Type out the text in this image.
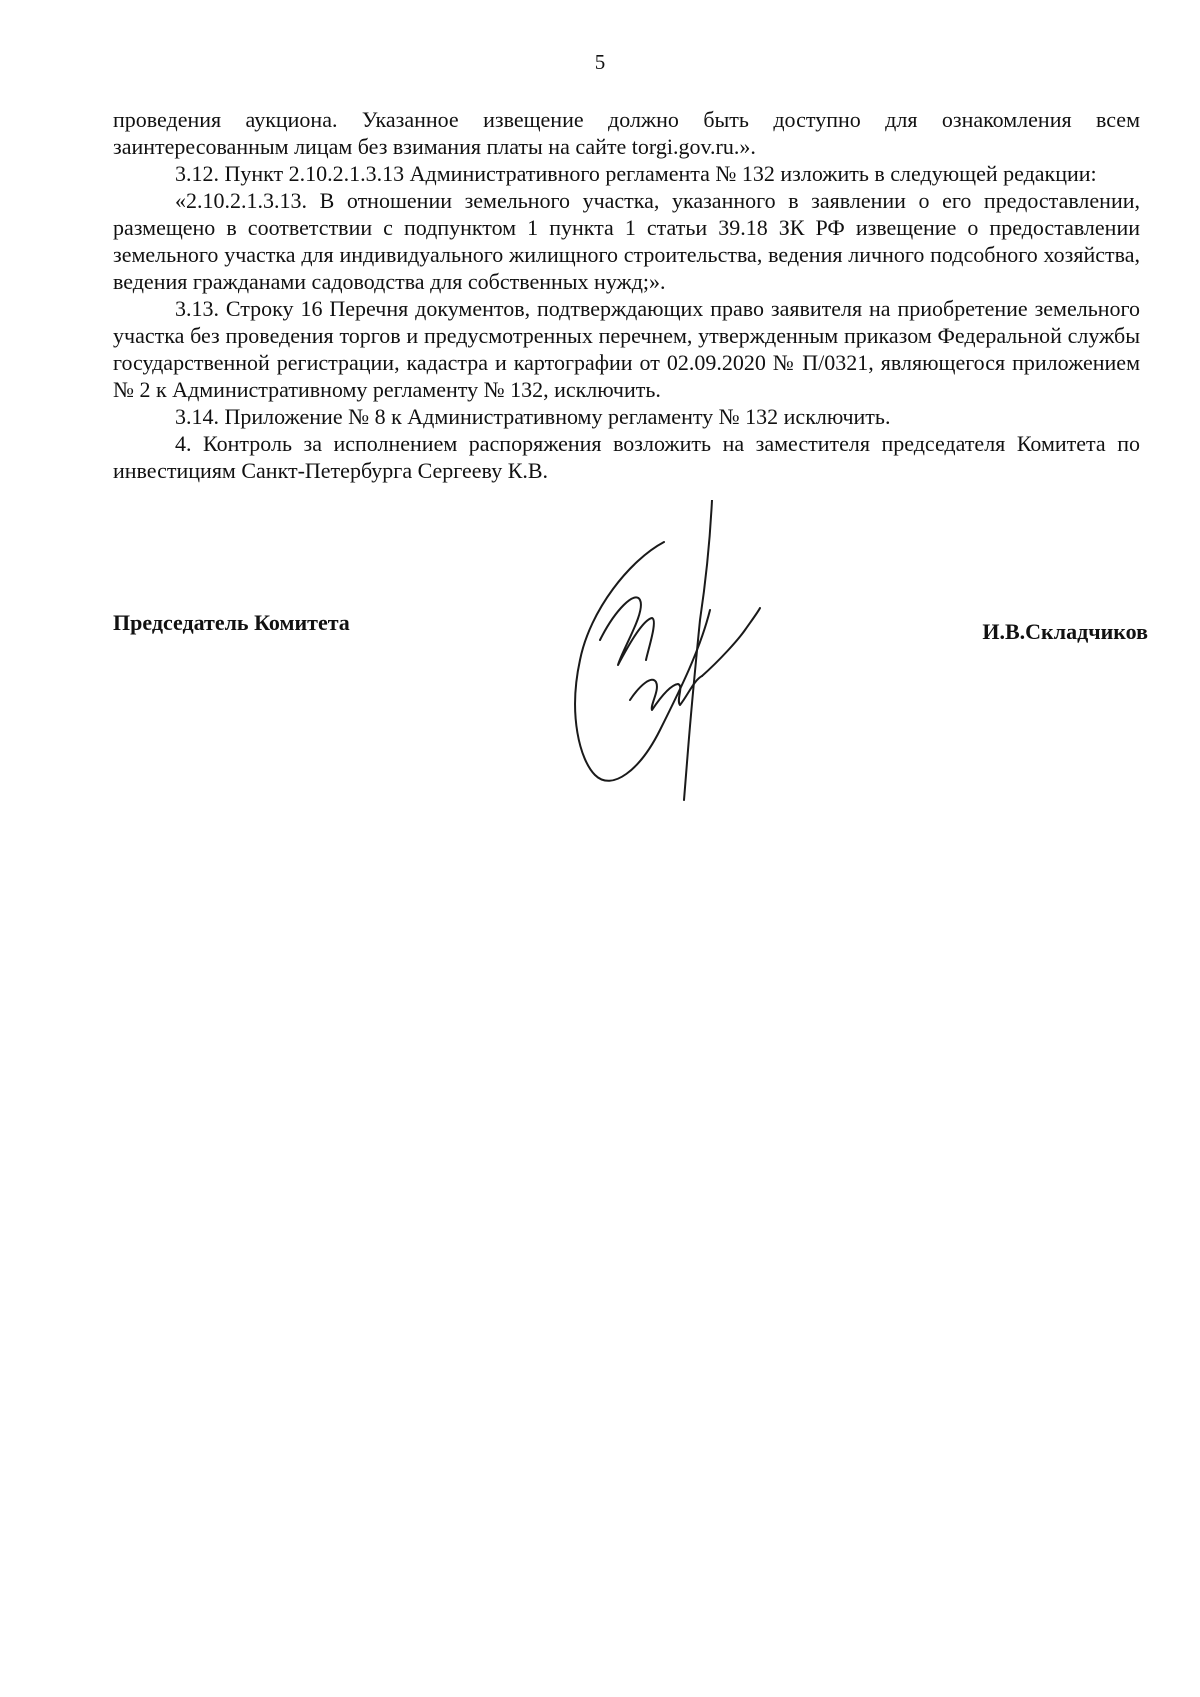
5

проведения аукциона. Указанное извещение должно быть доступно для ознакомления всем заинтересованным лицам без взимания платы на сайте torgi.gov.ru.».

3.12. Пункт 2.10.2.1.3.13 Административного регламента № 132 изложить в следующей редакции:

«2.10.2.1.3.13. В отношении земельного участка, указанного в заявлении о его предоставлении, размещено в соответствии с подпунктом 1 пункта 1 статьи 39.18 ЗК РФ извещение о предоставлении земельного участка для индивидуального жилищного строительства, ведения личного подсобного хозяйства, ведения гражданами садоводства для собственных нужд;».

3.13. Строку 16 Перечня документов, подтверждающих право заявителя на приобретение земельного участка без проведения торгов и предусмотренных перечнем, утвержденным приказом Федеральной службы государственной регистрации, кадастра и картографии от 02.09.2020 № П/0321, являющегося приложением № 2 к Административному регламенту № 132, исключить.

3.14. Приложение № 8 к Административному регламенту № 132 исключить.

4. Контроль за исполнением распоряжения возложить на заместителя председателя Комитета по инвестициям Санкт-Петербурга Сергееву К.В.

Председатель Комитета	И.В.Складчиков
